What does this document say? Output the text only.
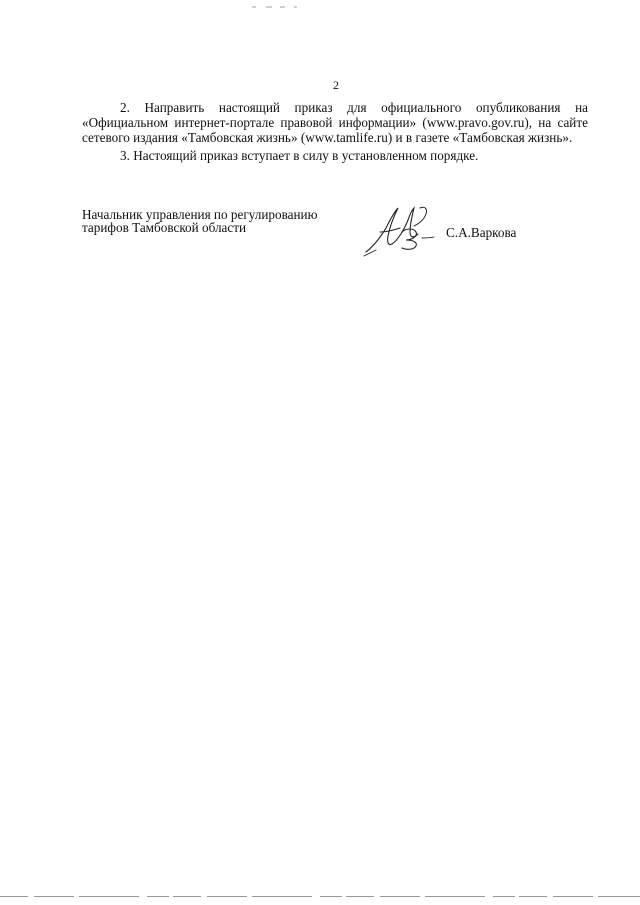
2

2. Направить настоящий приказ для официального опубликования на «Официальном интернет-портале правовой информации» (www.pravo.gov.ru), на сайте сетевого издания «Тамбовская жизнь» (www.tamlife.ru) и в газете «Тамбовская жизнь».

3. Настоящий приказ вступает в силу в установленном порядке.

Начальник управления по регулированию
тарифов Тамбовской области	С.А.Варкова
